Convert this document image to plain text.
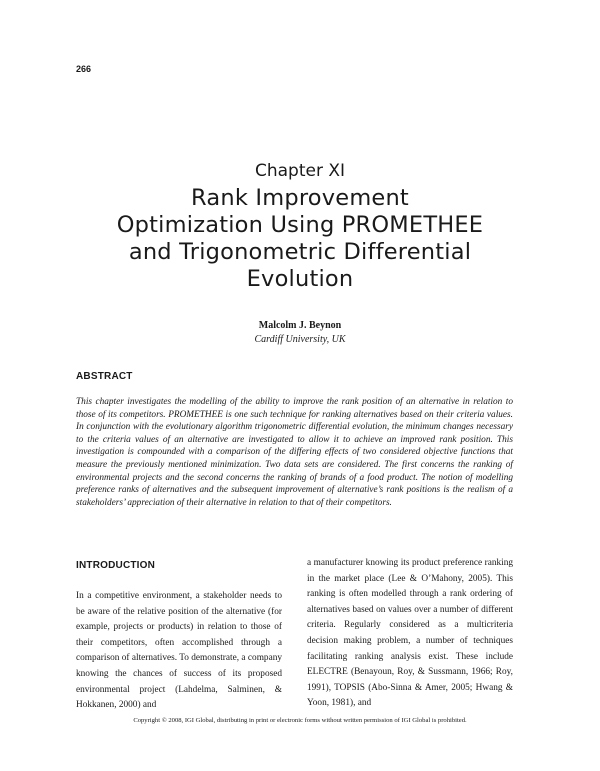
266
Chapter XI
Rank Improvement
Optimization Using PROMETHEE
and Trigonometric Differential
Evolution
Malcolm J. Beynon
Cardiff University, UK
ABSTRACT

This chapter investigates the modelling of the ability to improve the rank position of an alternative in relation to those of its competitors. PROMETHEE is one such technique for ranking alternatives based on their criteria values. In conjunction with the evolutionary algorithm trigonometric differential evolution, the minimum changes necessary to the criteria values of an alternative are investigated to allow it to achieve an improved rank position. This investigation is compounded with a comparison of the differing effects of two considered objective functions that measure the previously mentioned minimization. Two data sets are considered. The first concerns the ranking of environmental projects and the second concerns the ranking of brands of a food product. The notion of modelling preference ranks of alternatives and the subsequent improvement of alternative’s rank positions is the realism of a stakeholders’ appreciation of their alternative in relation to that of their competitors.

INTRODUCTION

In a competitive environment, a stakeholder needs to be aware of the relative position of the alternative (for example, projects or products) in relation to those of their competitors, often accomplished through a comparison of alternatives. To demonstrate, a company knowing the chances of success of its proposed environmental project (Lahdelma, Salminen, & Hokkanen, 2000) and

a manufacturer knowing its product preference ranking in the market place (Lee & O’Mahony, 2005). This ranking is often modelled through a rank ordering of alternatives based on values over a number of different criteria. Regularly considered as a multicriteria decision making problem, a number of techniques facilitating ranking analysis exist. These include ELECTRE (Benayoun, Roy, & Sussmann, 1966; Roy, 1991), TOPSIS (Abo-Sinna & Amer, 2005; Hwang & Yoon, 1981), and

Copyright © 2008, IGI Global, distributing in print or electronic forms without written permission of IGI Global is prohibited.
